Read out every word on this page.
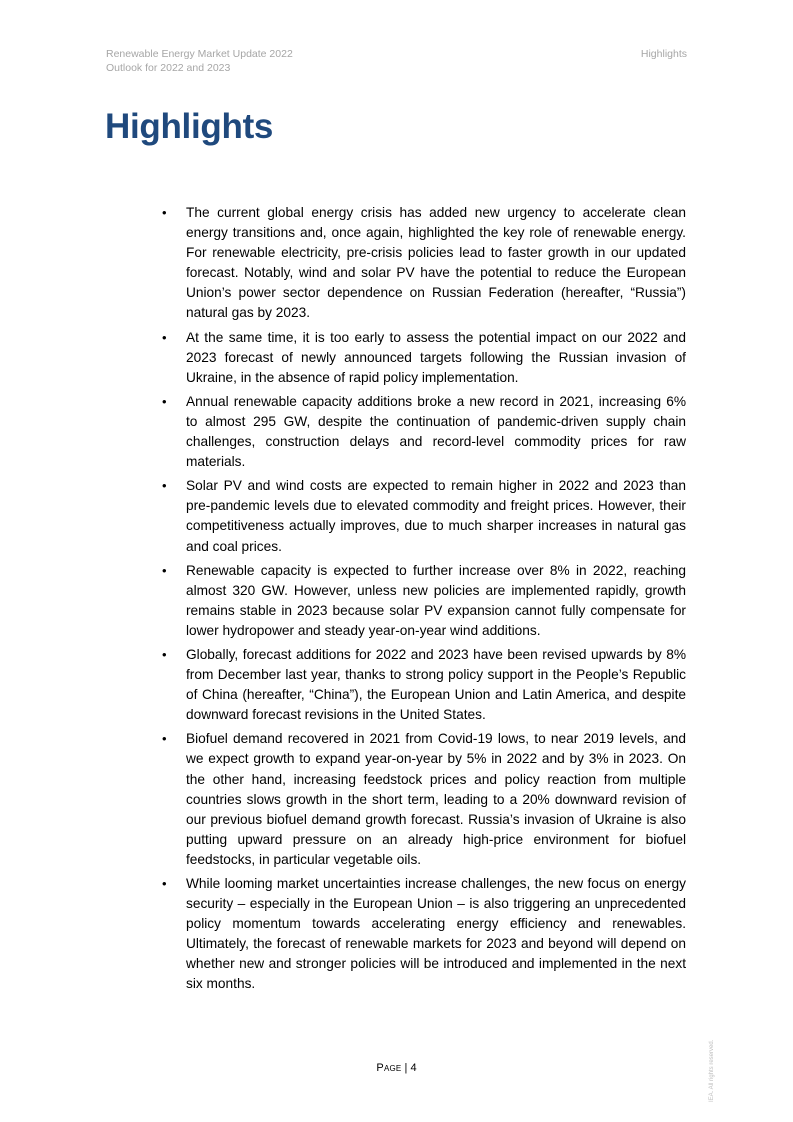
Renewable Energy Market Update 2022
Outlook for 2022 and 2023
Highlights
Highlights
• The current global energy crisis has added new urgency to accelerate clean energy transitions and, once again, highlighted the key role of renewable energy. For renewable electricity, pre-crisis policies lead to faster growth in our updated forecast. Notably, wind and solar PV have the potential to reduce the European Union’s power sector dependence on Russian Federation (hereafter, “Russia”) natural gas by 2023.
• At the same time, it is too early to assess the potential impact on our 2022 and 2023 forecast of newly announced targets following the Russian invasion of Ukraine, in the absence of rapid policy implementation.
• Annual renewable capacity additions broke a new record in 2021, increasing 6% to almost 295 GW, despite the continuation of pandemic-driven supply chain challenges, construction delays and record-level commodity prices for raw materials.
• Solar PV and wind costs are expected to remain higher in 2022 and 2023 than pre-pandemic levels due to elevated commodity and freight prices. However, their competitiveness actually improves, due to much sharper increases in natural gas and coal prices.
• Renewable capacity is expected to further increase over 8% in 2022, reaching almost 320 GW. However, unless new policies are implemented rapidly, growth remains stable in 2023 because solar PV expansion cannot fully compensate for lower hydropower and steady year-on-year wind additions.
• Globally, forecast additions for 2022 and 2023 have been revised upwards by 8% from December last year, thanks to strong policy support in the People’s Republic of China (hereafter, “China”), the European Union and Latin America, and despite downward forecast revisions in the United States.
• Biofuel demand recovered in 2021 from Covid-19 lows, to near 2019 levels, and we expect growth to expand year-on-year by 5% in 2022 and by 3% in 2023. On the other hand, increasing feedstock prices and policy reaction from multiple countries slows growth in the short term, leading to a 20% downward revision of our previous biofuel demand growth forecast. Russia’s invasion of Ukraine is also putting upward pressure on an already high-price environment for biofuel feedstocks, in particular vegetable oils.
• While looming market uncertainties increase challenges, the new focus on energy security – especially in the European Union – is also triggering an unprecedented policy momentum towards accelerating energy efficiency and renewables. Ultimately, the forecast of renewable markets for 2023 and beyond will depend on whether new and stronger policies will be introduced and implemented in the next six months.
Page | 4	IEA. All rights reserved.
